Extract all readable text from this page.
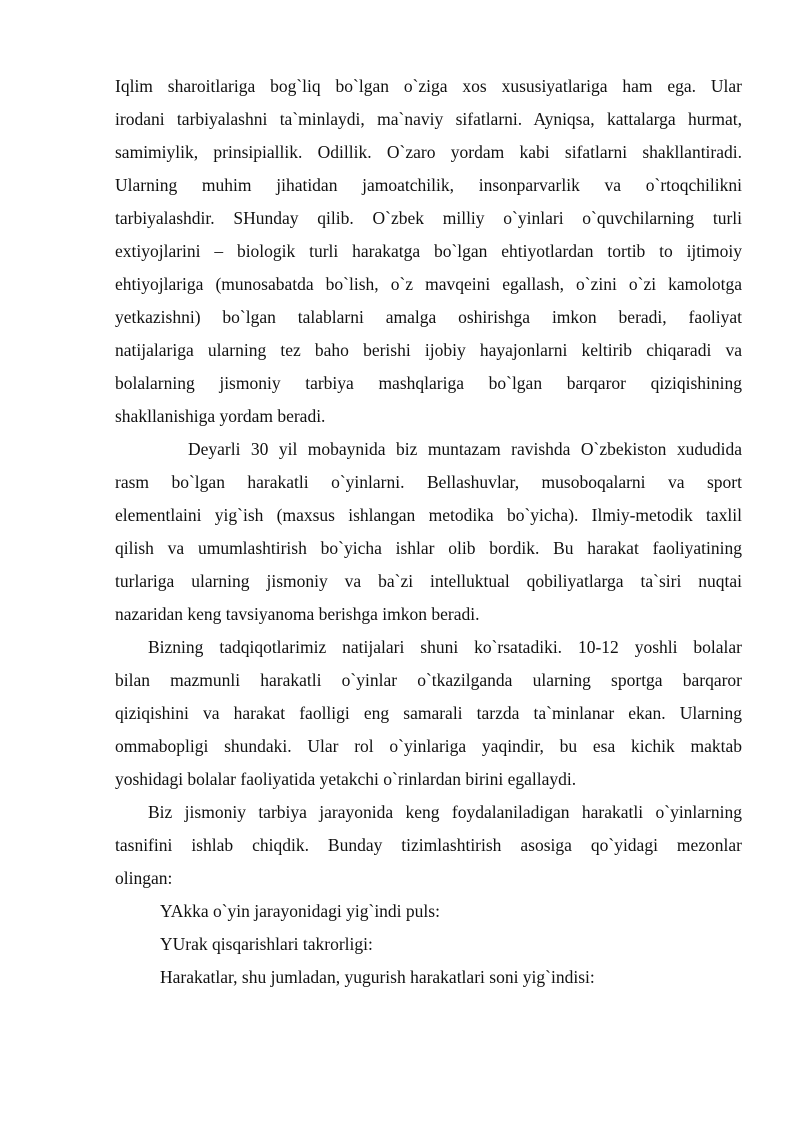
Iqlim sharoitlariga bog`liq bo`lgan o`ziga xos xususiyatlariga ham ega. Ular
irodani tarbiyalashni ta`minlaydi, ma`naviy sifatlarni. Ayniqsa, kattalarga hurmat,
samimiylik, prinsipiallik. Odillik. O`zaro yordam kabi sifatlarni shakllantiradi.
Ularning muhim jihatidan jamoatchilik, insonparvarlik va o`rtoqchilikni
tarbiyalashdir. SHunday qilib. O`zbek milliy o`yinlari o`quvchilarning turli
extiyojlarini – biologik turli harakatga bo`lgan ehtiyotlardan tortib to ijtimoiy
ehtiyojlariga (munosabatda bo`lish, o`z mavqeini egallash, o`zini o`zi kamolotga
yetkazishni) bo`lgan talablarni amalga oshirishga imkon beradi, faoliyat
natijalariga ularning tez baho berishi ijobiy hayajonlarni keltirib chiqaradi va
bolalarning jismoniy tarbiya mashqlariga bo`lgan barqaror qiziqishining
shakllanishiga yordam beradi.
Deyarli 30 yil mobaynida biz muntazam ravishda O`zbekiston xududida
rasm bo`lgan harakatli o`yinlarni. Bellashuvlar, musoboqalarni va sport
elementlaini yig`ish (maxsus ishlangan metodika bo`yicha). Ilmiy-metodik taxlil
qilish va umumlashtirish bo`yicha ishlar olib bordik. Bu harakat faoliyatining
turlariga ularning jismoniy va ba`zi intelluktual qobiliyatlarga ta`siri nuqtai
nazaridan keng tavsiyanoma berishga imkon beradi.
Bizning tadqiqotlarimiz natijalari shuni ko`rsatadiki. 10-12 yoshli bolalar
bilan mazmunli harakatli o`yinlar o`tkazilganda ularning sportga barqaror
qiziqishini va harakat faolligi eng samarali tarzda ta`minlanar ekan. Ularning
ommabopligi shundaki. Ular rol o`yinlariga yaqindir, bu esa kichik maktab
yoshidagi bolalar faoliyatida yetakchi o`rinlardan birini egallaydi.
Biz jismoniy tarbiya jarayonida keng foydalaniladigan harakatli o`yinlarning
tasnifini ishlab chiqdik. Bunday tizimlashtirish asosiga qo`yidagi mezonlar
olingan:
YAkka o`yin jarayonidagi yig`indi puls:
YUrak qisqarishlari takrorligi:
Harakatlar, shu jumladan, yugurish harakatlari soni yig`indisi:
